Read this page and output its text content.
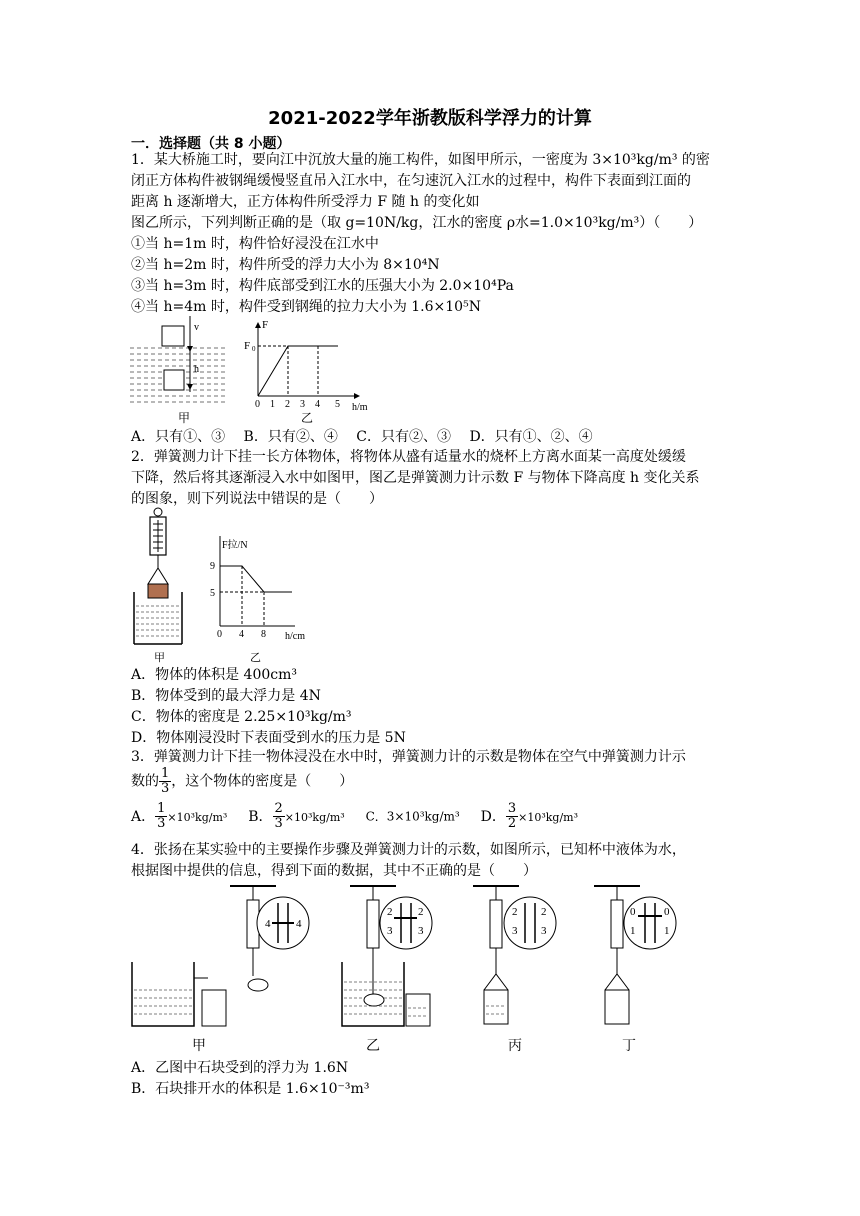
2021-2022学年浙教版科学浮力的计算
一．选择题（共 8 小题）
1．某大桥施工时，要向江中沉放大量的施工构件，如图甲所示，一密度为 3×10³kg/m³ 的密
闭正方体构件被钢绳缓慢竖直吊入江水中，在匀速沉入江水的过程中，构件下表面到江面的
距离 h 逐渐增大，正方体构件所受浮力 F 随 h 的变化如
图乙所示，下列判断正确的是（取 g=10N/kg，江水的密度 ρ水=1.0×10³kg/m³）（　　）
①当 h=1m 时，构件恰好浸没在江水中
②当 h=2m 时，构件所受的浮力大小为 8×10⁴N
③当 h=3m 时，构件底部受到江水的压强大小为 2.0×10⁴Pa
④当 h=4m 时，构件受到钢绳的拉力大小为 1.6×10⁵N
v
h
甲
F
F 0
0 1 2 3 4 5 h/m
乙
A．只有①、③　 B．只有②、④　 C．只有②、③　 D．只有①、②、④
2．弹簧测力计下挂一长方体物体，将物体从盛有适量水的烧杯上方离水面某一高度处缓缓
下降，然后将其逐渐浸入水中如图甲，图乙是弹簧测力计示数 F 与物体下降高度 h 变化关系
的图象，则下列说法中错误的是（　　）
甲
F拉/N
9
5
0 4 8 h/cm
乙
A．物体的体积是 400cm³
B．物体受到的最大浮力是 4N
C．物体的密度是 2.25×10³kg/m³
D．物体刚浸没时下表面受到水的压力是 5N
3．弹簧测力计下挂一物体浸没在水中时，弹簧测力计的示数是物体在空气中弹簧测力计示
数的 $\frac{1}{3}$ ，这个物体的密度是（　　）
A． $\frac{1}{3} \times 10^3kg/m^3$ B． $\frac{2}{3} \times 10^3kg/m^3$ C．3×10³kg/m³ D． $\frac{3}{2} \times 10^3kg/m^3$
4．张扬在某实验中的主要操作步骤及弹簧测力计的示数，如图所示，已知杯中液体为水，
根据图中提供的信息，得到下面的数据，其中不正确的是（　　）
4 4
甲
2
3
2
3
乙
2
3
2
3
丙
0
1
0
1
丁
A．乙图中石块受到的浮力为 1.6N
B．石块排开水的体积是 1.6×10⁻³m³
